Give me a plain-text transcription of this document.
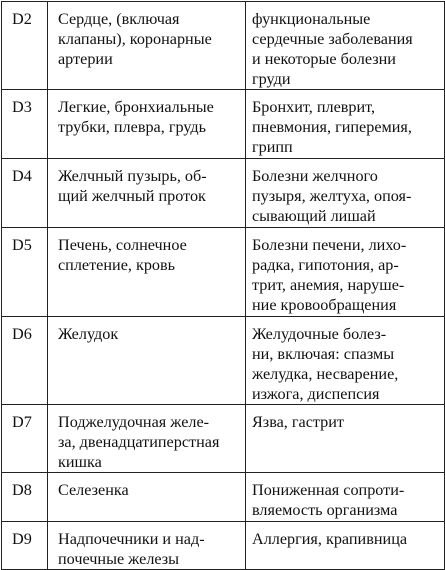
D2	Сердце, (включая
клапаны), коронарные
артерии	функциональные
сердечные заболевания
и некоторые болезни
груди

D3	Легкие, бронхиальные
трубки, плевра, грудь	Бронхит, плеврит,
пневмония, гиперемия,
грипп

D4	Желчный пузырь, об-
щий желчный проток	Болезни желчного
пузыря, желтуха, опоя-
сывающий лишай

D5	Печень, солнечное
сплетение, кровь	Болезни печени, лихо-
радка, гипотония, ар-
трит, анемия, наруше-
ние кровообращения

D6	Желудок	Желудочные болез-
ни, включая: спазмы
желудка, несварение,
изжога, диспепсия

D7	Поджелудочная желе-
за, двенадцатиперстная
кишка	Язва, гастрит

D8	Селезенка	Пониженная сопроти-
вляемость организма

D9	Надпочечники и над-
почечные железы	Аллергия, крапивница
